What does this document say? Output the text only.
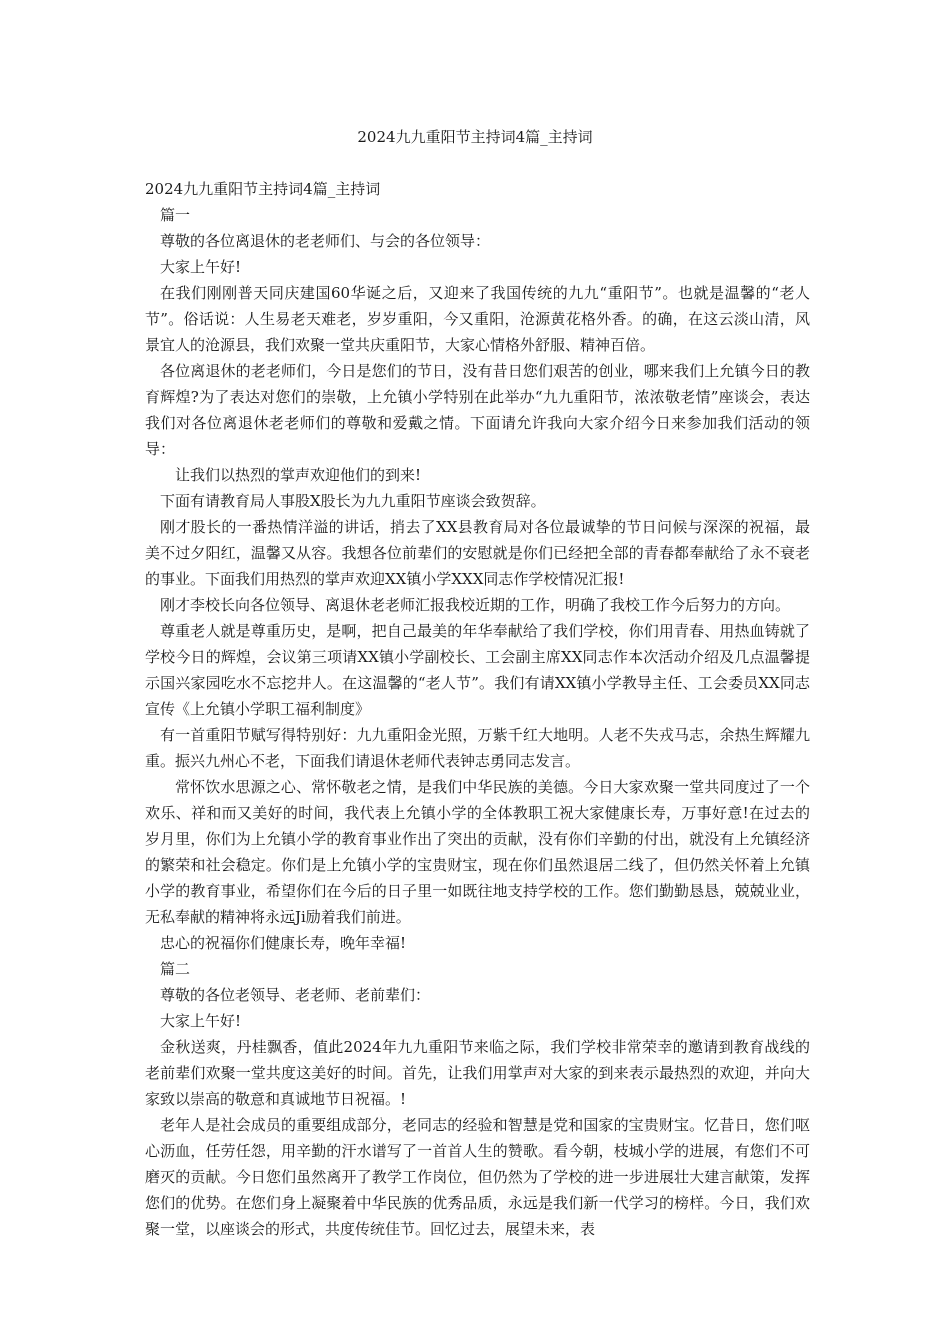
2024九九重阳节主持词4篇_主持词

2024九九重阳节主持词4篇_主持词

篇一

尊敬的各位离退休的老老师们、与会的各位领导：

大家上午好!

在我们刚刚普天同庆建国60华诞之后，又迎来了我国传统的九九“重阳节”。也就是温馨的“老人节”。俗话说：人生易老天难老，岁岁重阳，今又重阳，沧源黄花格外香。的确，在这云淡山清，风景宜人的沧源县，我们欢聚一堂共庆重阳节，大家心情格外舒服、精神百倍。

各位离退休的老老师们，今日是您们的节日，没有昔日您们艰苦的创业，哪来我们上允镇今日的教育辉煌?为了表达对您们的崇敬，上允镇小学特别在此举办“九九重阳节，浓浓敬老情”座谈会，表达我们对各位离退休老老师们的尊敬和爱戴之情。下面请允许我向大家介绍今日来参加我们活动的领导：

让我们以热烈的掌声欢迎他们的到来!

下面有请教育局人事股X股长为九九重阳节座谈会致贺辞。

刚才股长的一番热情洋溢的讲话，捎去了XX县教育局对各位最诚挚的节日问候与深深的祝福，最美不过夕阳红，温馨又从容。我想各位前辈们的安慰就是你们已经把全部的青春都奉献给了永不衰老的事业。下面我们用热烈的掌声欢迎XX镇小学XXX同志作学校情况汇报!

刚才李校长向各位领导、离退休老老师汇报我校近期的工作，明确了我校工作今后努力的方向。

尊重老人就是尊重历史，是啊，把自己最美的年华奉献给了我们学校，你们用青春、用热血铸就了学校今日的辉煌，会议第三项请XX镇小学副校长、工会副主席XX同志作本次活动介绍及几点温馨提示国兴家园吃水不忘挖井人。在这温馨的“老人节”。我们有请XX镇小学教导主任、工会委员XX同志宣传《上允镇小学职工福利制度》

有一首重阳节赋写得特别好：九九重阳金光照，万紫千红大地明。人老不失戎马志，余热生辉耀九重。振兴九州心不老，下面我们请退休老师代表钟志勇同志发言。

常怀饮水思源之心、常怀敬老之情，是我们中华民族的美德。今日大家欢聚一堂共同度过了一个欢乐、祥和而又美好的时间，我代表上允镇小学的全体教职工祝大家健康长寿，万事好意!在过去的岁月里，你们为上允镇小学的教育事业作出了突出的贡献，没有你们辛勤的付出，就没有上允镇经济的繁荣和社会稳定。你们是上允镇小学的宝贵财宝，现在你们虽然退居二线了，但仍然关怀着上允镇小学的教育事业，希望你们在今后的日子里一如既往地支持学校的工作。您们勤勤恳恳，兢兢业业，无私奉献的精神将永远Ji励着我们前进。

忠心的祝福你们健康长寿，晚年幸福!

篇二

尊敬的各位老领导、老老师、老前辈们：

大家上午好!

金秋送爽，丹桂飘香，值此2024年九九重阳节来临之际，我们学校非常荣幸的邀请到教育战线的老前辈们欢聚一堂共度这美好的时间。首先，让我们用掌声对大家的到来表示最热烈的欢迎，并向大家致以崇高的敬意和真诚地节日祝福。!

老年人是社会成员的重要组成部分，老同志的经验和智慧是党和国家的宝贵财宝。忆昔日，您们呕心沥血，任劳任怨，用辛勤的汗水谱写了一首首人生的赞歌。看今朝，枝城小学的进展，有您们不可磨灭的贡献。今日您们虽然离开了教学工作岗位，但仍然为了学校的进一步进展壮大建言献策，发挥您们的优势。在您们身上凝聚着中华民族的优秀品质，永远是我们新一代学习的榜样。今日，我们欢聚一堂，以座谈会的形式，共度传统佳节。回忆过去，展望未来，表
